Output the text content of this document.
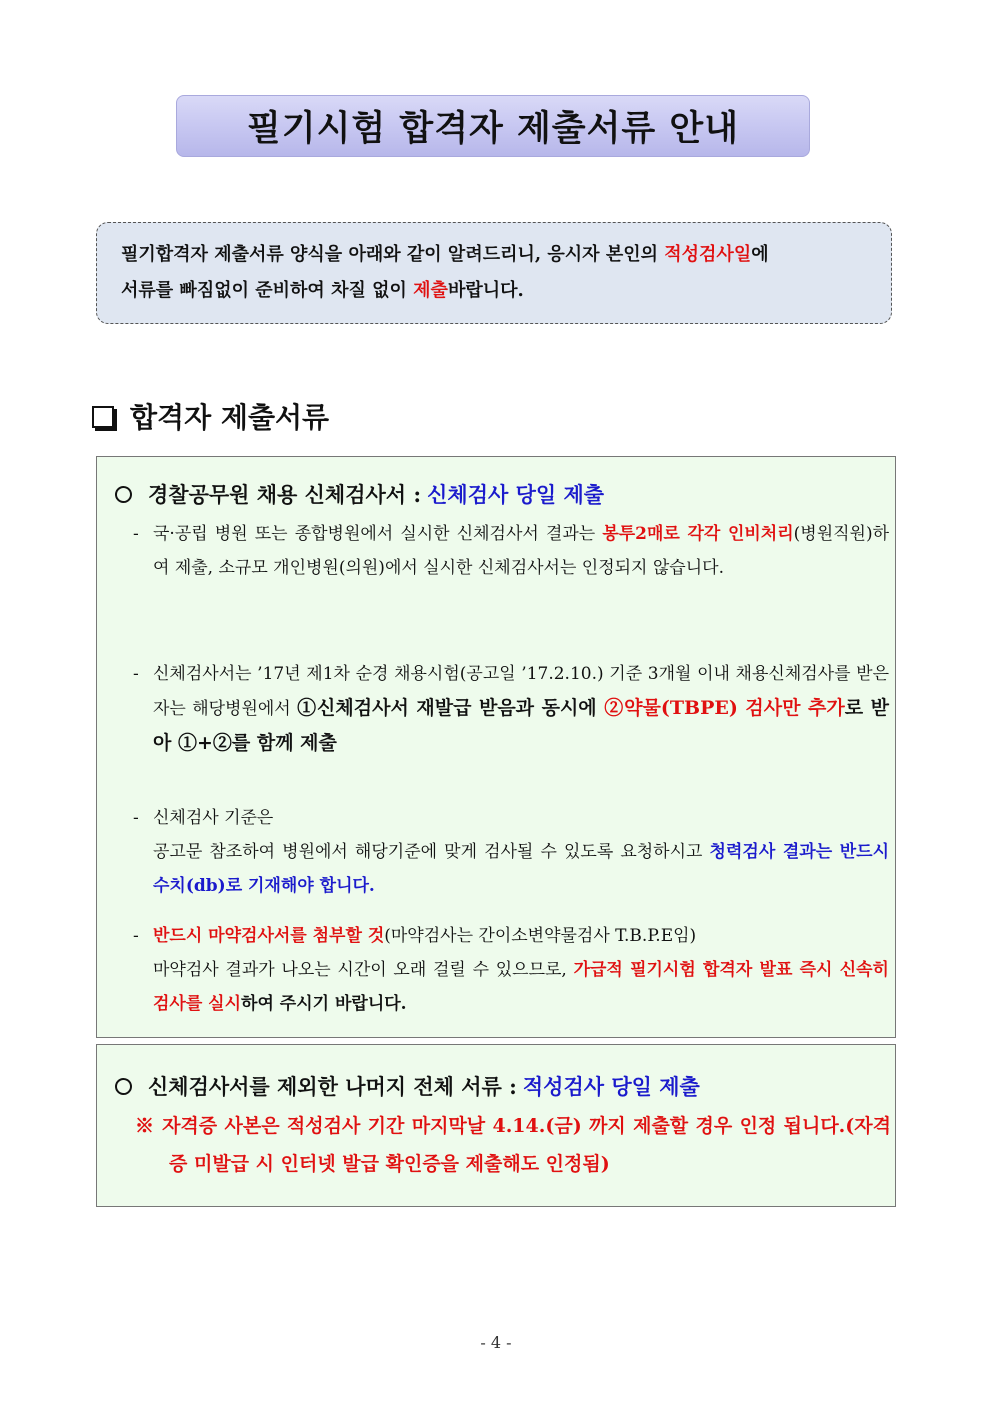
필기시험 합격자 제출서류 안내
필기합격자 제출서류 양식을 아래와 같이 알려드리니, 응시자 본인의 적성검사일에
서류를 빠짐없이 준비하여 차질 없이 제출바랍니다.
합격자 제출서류
경찰공무원 채용 신체검사서 : 신체검사 당일 제출
- 국·공립 병원 또는 종합병원에서 실시한 신체검사서 결과는 봉투2매로 각각 인비처리(병원직원)하여 제출, 소규모 개인병원(의원)에서 실시한 신체검사서는 인정되지 않습니다.
- 신체검사서는 ’17년 제1차 순경 채용시험(공고일 ’17.2.10.) 기준 3개월 이내 채용신체검사를 받은자는 해당병원에서 ①신체검사서 재발급 받음과 동시에 ②약물(TBPE) 검사만 추가로 받아 ①+②를 함께 제출
- 신체검사 기준은
공고문 참조하여 병원에서 해당기준에 맞게 검사될 수 있도록 요청하시고 청력검사 결과는 반드시 수치(db)로 기재해야 합니다.
- 반드시 마약검사서를 첨부할 것(마약검사는 간이소변약물검사 T.B.P.E임)
마약검사 결과가 나오는 시간이 오래 걸릴 수 있으므로, 가급적 필기시험 합격자 발표 즉시 신속히 검사를 실시하여 주시기 바랍니다.
신체검사서를 제외한 나머지 전체 서류 : 적성검사 당일 제출
※ 자격증 사본은 적성검사 기간 마지막날 4.14.(금) 까지 제출할 경우 인정 됩니다.(자격증 미발급 시 인터넷 발급 확인증을 제출해도 인정됨)
- 4 -
